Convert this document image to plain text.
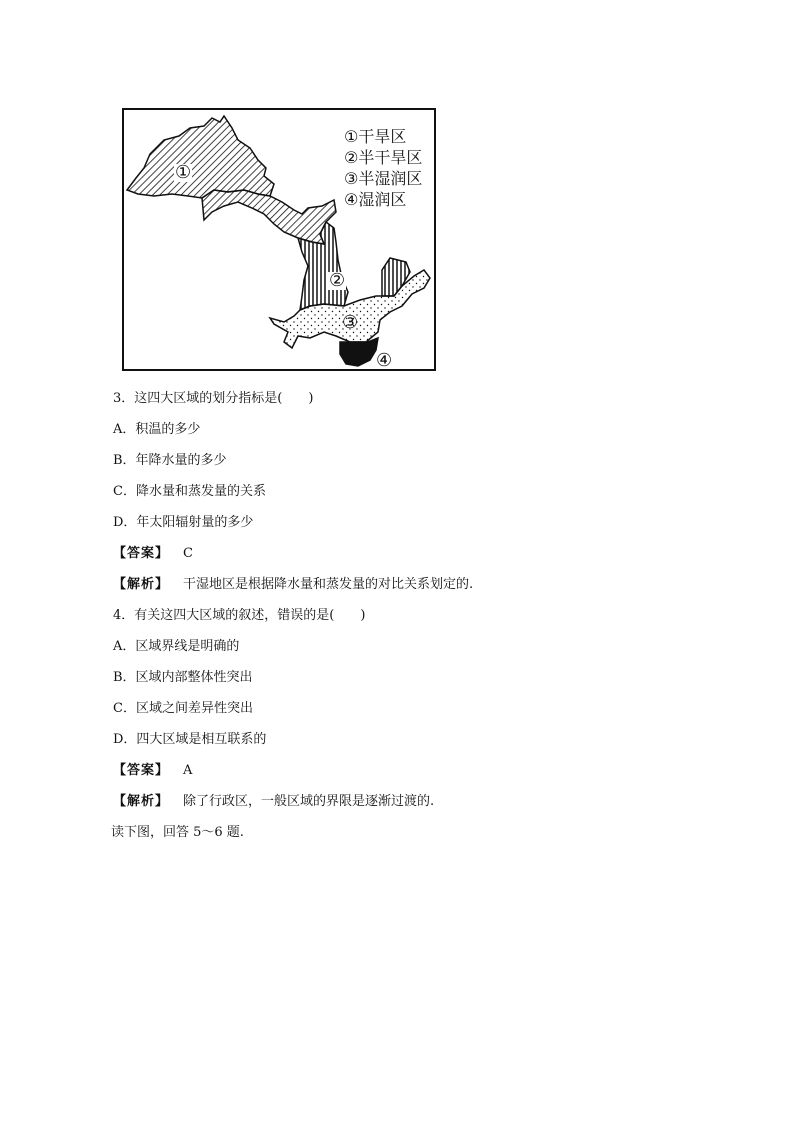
①干旱区
②半干旱区
③半湿润区
④湿润区
①
②
③
④
3．这四大区域的划分指标是(　　)
A．积温的多少
B．年降水量的多少
C．降水量和蒸发量的关系
D．年太阳辐射量的多少
【答案】 C
【解析】 干湿地区是根据降水量和蒸发量的对比关系划定的.
4．有关这四大区域的叙述，错误的是(　　)
A．区域界线是明确的
B．区域内部整体性突出
C．区域之间差异性突出
D．四大区域是相互联系的
【答案】 A
【解析】 除了行政区，一般区域的界限是逐渐过渡的.
读下图，回答 5～6 题.
